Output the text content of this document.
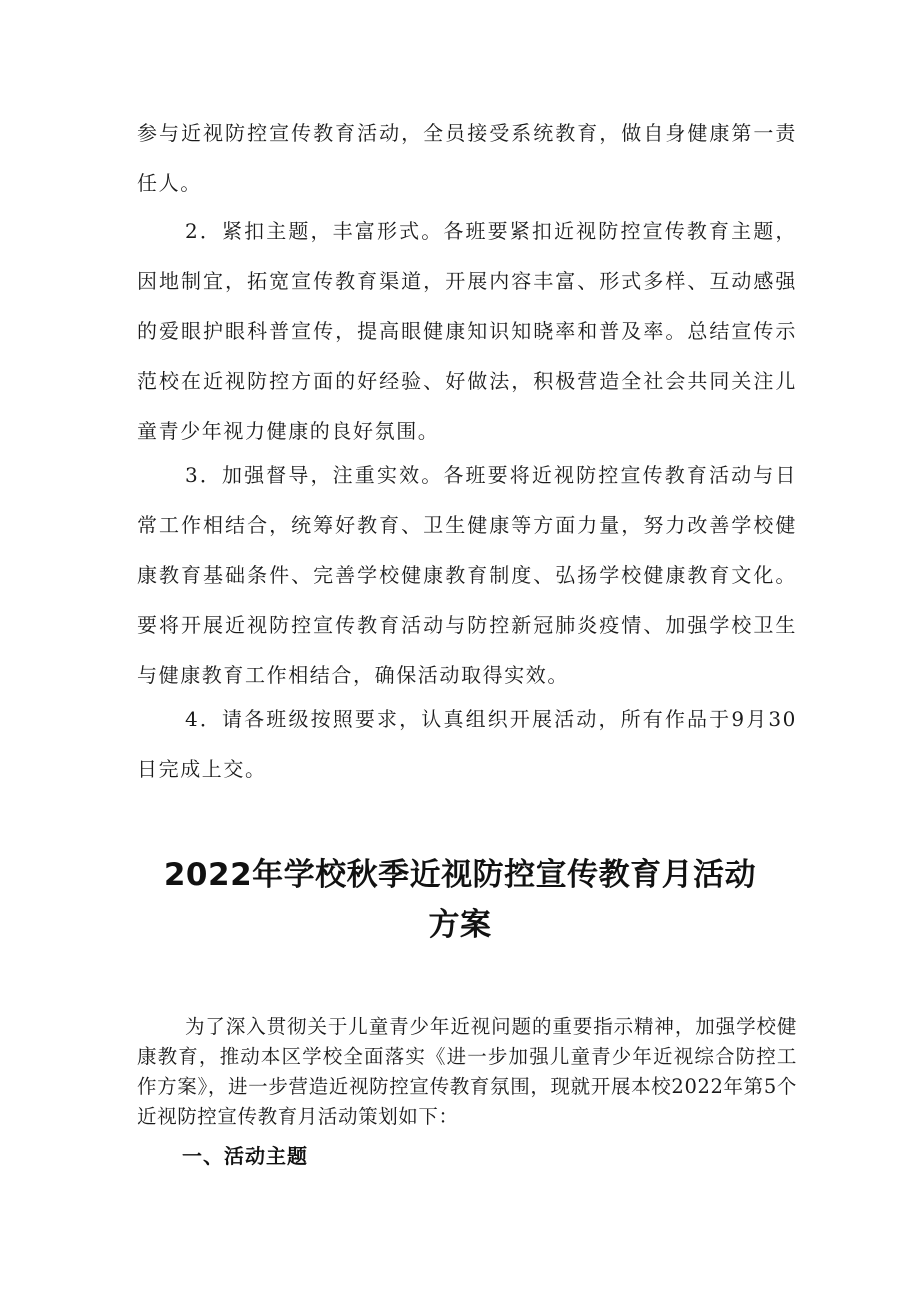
参与近视防控宣传教育活动，全员接受系统教育，做自身健康第一责任人。

2．紧扣主题，丰富形式。各班要紧扣近视防控宣传教育主题，因地制宜，拓宽宣传教育渠道，开展内容丰富、形式多样、互动感强的爱眼护眼科普宣传，提高眼健康知识知晓率和普及率。总结宣传示范校在近视防控方面的好经验、好做法，积极营造全社会共同关注儿童青少年视力健康的良好氛围。

3．加强督导，注重实效。各班要将近视防控宣传教育活动与日常工作相结合，统筹好教育、卫生健康等方面力量，努力改善学校健康教育基础条件、完善学校健康教育制度、弘扬学校健康教育文化。要将开展近视防控宣传教育活动与防控新冠肺炎疫情、加强学校卫生与健康教育工作相结合，确保活动取得实效。

4．请各班级按照要求，认真组织开展活动，所有作品于9月30日完成上交。

2022年学校秋季近视防控宣传教育月活动
方案

为了深入贯彻关于儿童青少年近视问题的重要指示精神，加强学校健康教育，推动本区学校全面落实《进一步加强儿童青少年近视综合防控工作方案》，进一步营造近视防控宣传教育氛围，现就开展本校2022年第5个近视防控宣传教育月活动策划如下：

一、活动主题
